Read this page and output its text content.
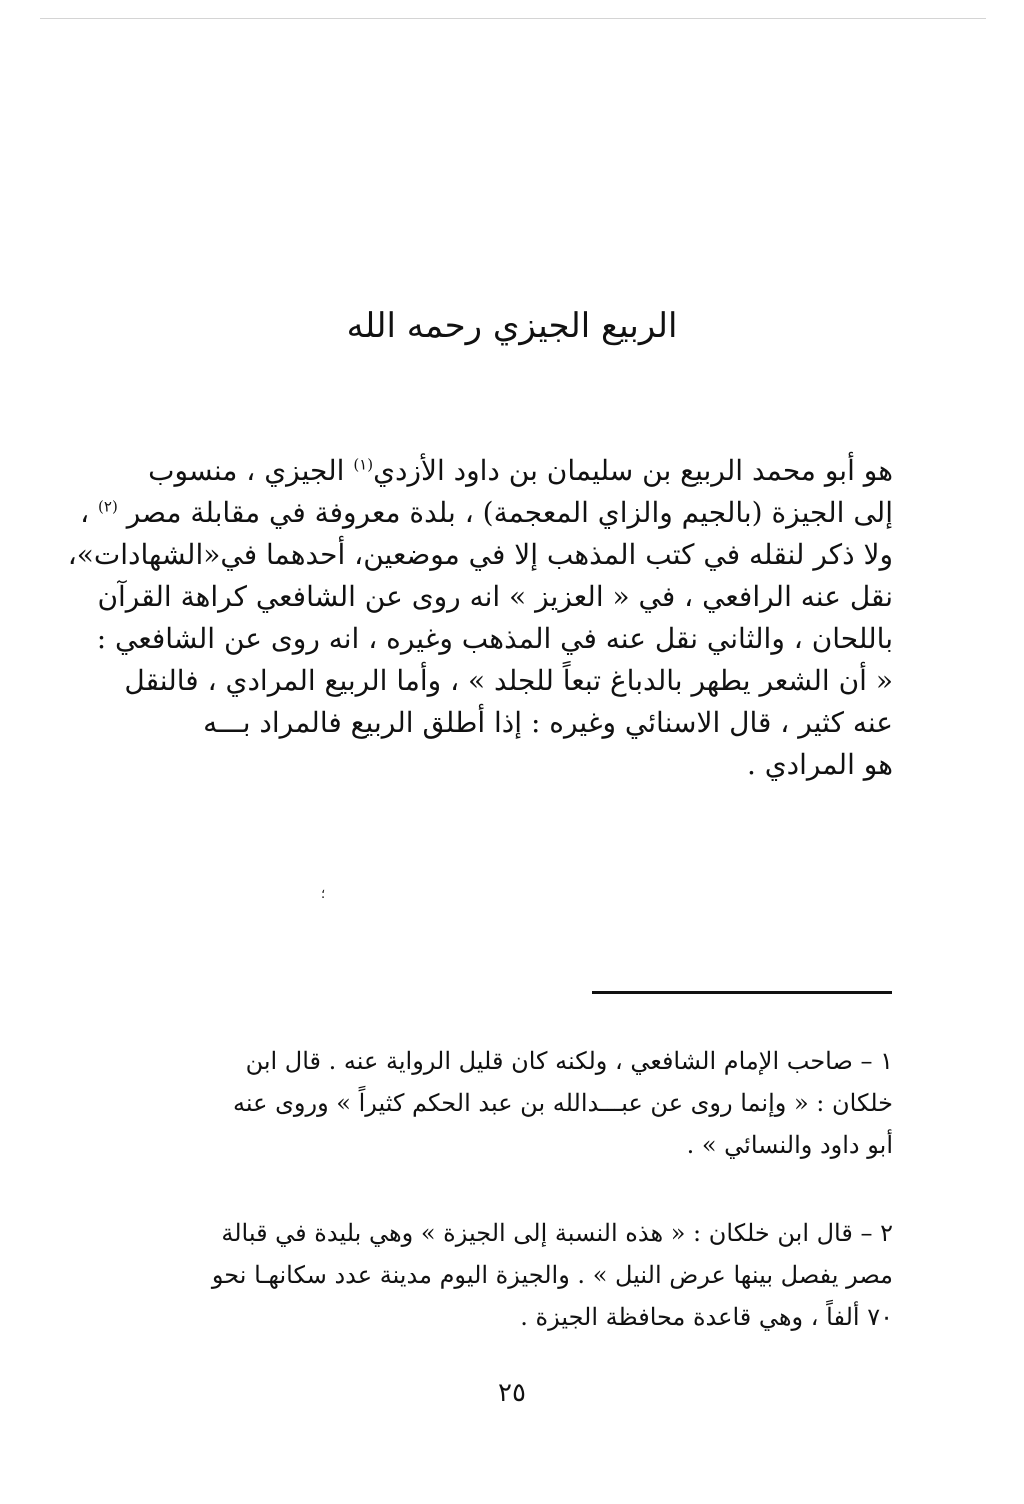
الربيع الجيزي رحمه الله
هو أبو محمد الربيع بن سليمان بن داود الأزدي$^{(١)}$ الجيزي ، منسوب
إلى الجيزة (بالجيم والزاي المعجمة) ، بلدة معروفة في مقابلة مصر $^{(٢)}$ ،
ولا ذكر لنقله في كتب المذهب إلا في موضعين، أحدهما في«الشهادات»،
نقل عنه الرافعي ، في « العزيز » انه روى عن الشافعي كراهة القرآن
باللحان ، والثاني نقل عنه في المذهب وغيره ، انه روى عن الشافعي :
« أن الشعر يطهر بالدباغ تبعاً للجلد » ، وأما الربيع المرادي ، فالنقل
عنه كثير ، قال الاسنائي وغيره : إذا أطلق الربيع فالمراد بـــه
هو المرادي .
؛
١ – صاحب الإمام الشافعي ، ولكنه كان قليل الرواية عنه . قال ابن
خلكان : « وإنما روى عن عبـــدالله بن عبد الحكم كثيراً » وروى عنه
أبو داود والنسائي » .
٢ – قال ابن خلكان : « هذه النسبة إلى الجيزة » وهي بليدة في قبالة
مصر يفصل بينها عرض النيل » . والجيزة اليوم مدينة عدد سكانهـا نحو
٧٠ ألفاً ، وهي قاعدة محافظة الجيزة .
٢٥
